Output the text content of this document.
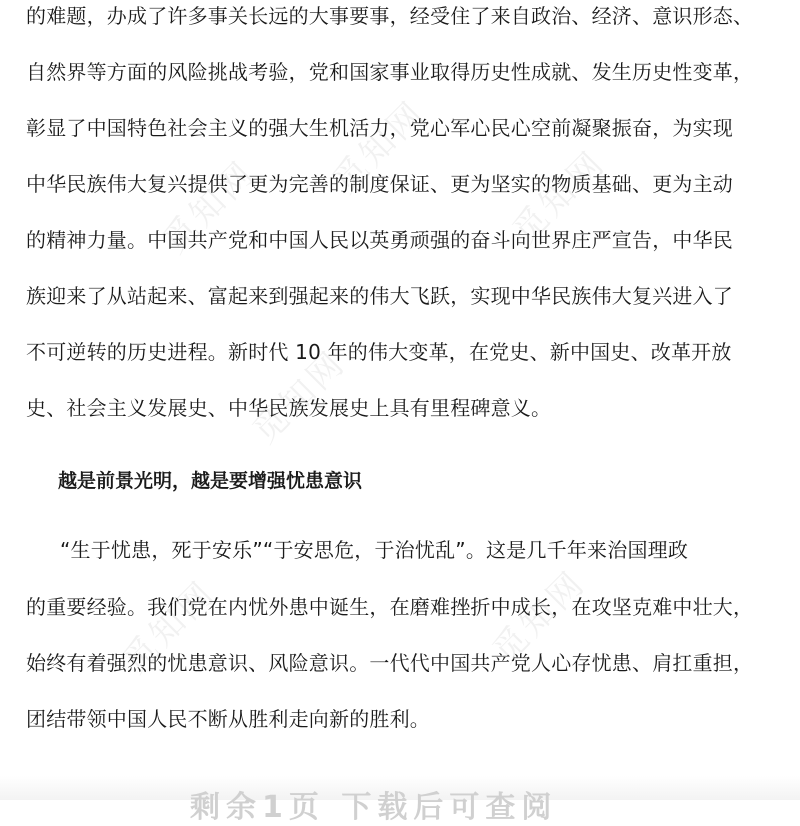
的难题，办成了许多事关长远的大事要事，经受住了来自政治、经济、意识形态、
自然界等方面的风险挑战考验，党和国家事业取得历史性成就、发生历史性变革，
彰显了中国特色社会主义的强大生机活力，党心军心民心空前凝聚振奋，为实现
中华民族伟大复兴提供了更为完善的制度保证、更为坚实的物质基础、更为主动
的精神力量。中国共产党和中国人民以英勇顽强的奋斗向世界庄严宣告，中华民
族迎来了从站起来、富起来到强起来的伟大飞跃，实现中华民族伟大复兴进入了
不可逆转的历史进程。新时代 10 年的伟大变革，在党史、新中国史、改革开放
史、社会主义发展史、中华民族发展史上具有里程碑意义。
越是前景光明，越是要增强忧患意识
“生于忧患，死于安乐”“于安思危，于治忧乱”。这是几千年来治国理政
的重要经验。我们党在内忧外患中诞生，在磨难挫折中成长，在攻坚克难中壮大，
始终有着强烈的忧患意识、风险意识。一代代中国共产党人心存忧患、肩扛重担，
团结带领中国人民不断从胜利走向新的胜利。
觅知网
觅知网 觅知网
觅知网
觅知网	觅知网
剩余1页 下载后可查阅
